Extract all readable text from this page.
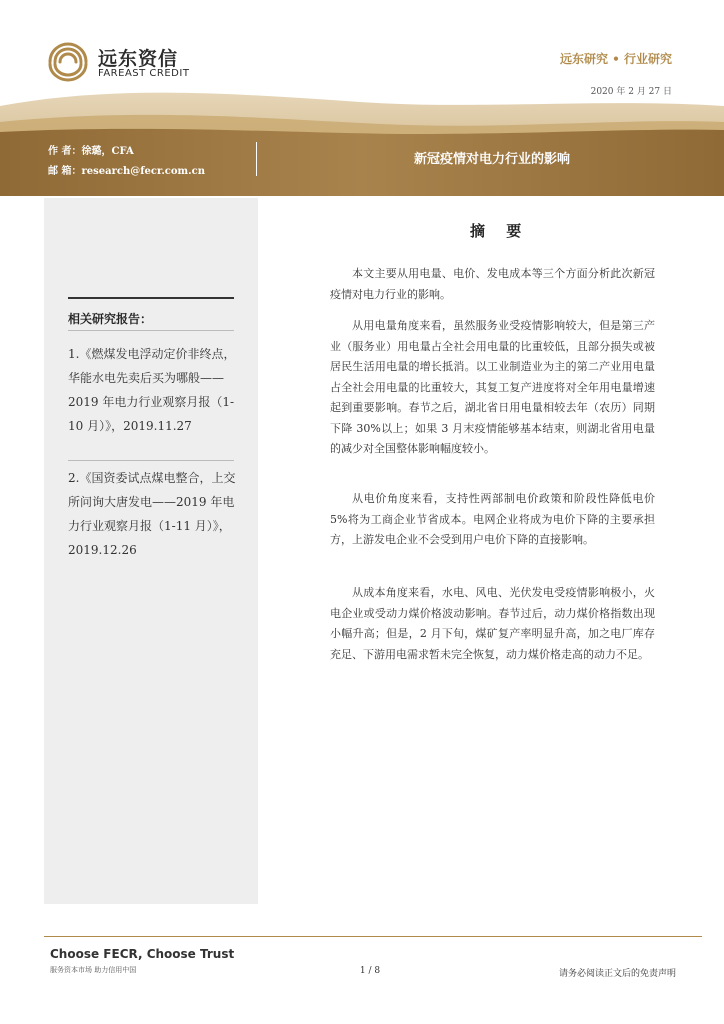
远东资信
FAREAST CREDIT
远东研究 • 行业研究
2020 年 2 月 27 日
作 者：徐璐，CFA
邮 箱：research@fecr.com.cn
新冠疫情对电力行业的影响
相关研究报告：
1.《燃煤发电浮动定价非终点，华能水电先卖后买为哪般——2019 年电力行业观察月报（1-10 月）》，2019.11.27
2.《国资委试点煤电整合，上交所问询大唐发电——2019 年电力行业观察月报（1-11 月）》，2019.12.26
摘 要

本文主要从用电量、电价、发电成本等三个方面分析此次新冠疫情对电力行业的影响。

从用电量角度来看，虽然服务业受疫情影响较大，但是第三产业（服务业）用电量占全社会用电量的比重较低，且部分损失或被居民生活用电量的增长抵消。以工业制造业为主的第二产业用电量占全社会用电量的比重较大，其复工复产进度将对全年用电量增速起到重要影响。春节之后，湖北省日用电量相较去年（农历）同期下降 30%以上；如果 3 月末疫情能够基本结束，则湖北省用电量的减少对全国整体影响幅度较小。

从电价角度来看，支持性两部制电价政策和阶段性降低电价 5%将为工商企业节省成本。电网企业将成为电价下降的主要承担方，上游发电企业不会受到用户电价下降的直接影响。

从成本角度来看，水电、风电、光伏发电受疫情影响极小，火电企业或受动力煤价格波动影响。春节过后，动力煤价格指数出现小幅升高；但是，2 月下旬，煤矿复产率明显升高，加之电厂库存充足、下游用电需求暂未完全恢复，动力煤价格走高的动力不足。

Choose FECR, Choose Trust
服务资本市场 助力信用中国	1 / 8	请务必阅读正文后的免责声明
